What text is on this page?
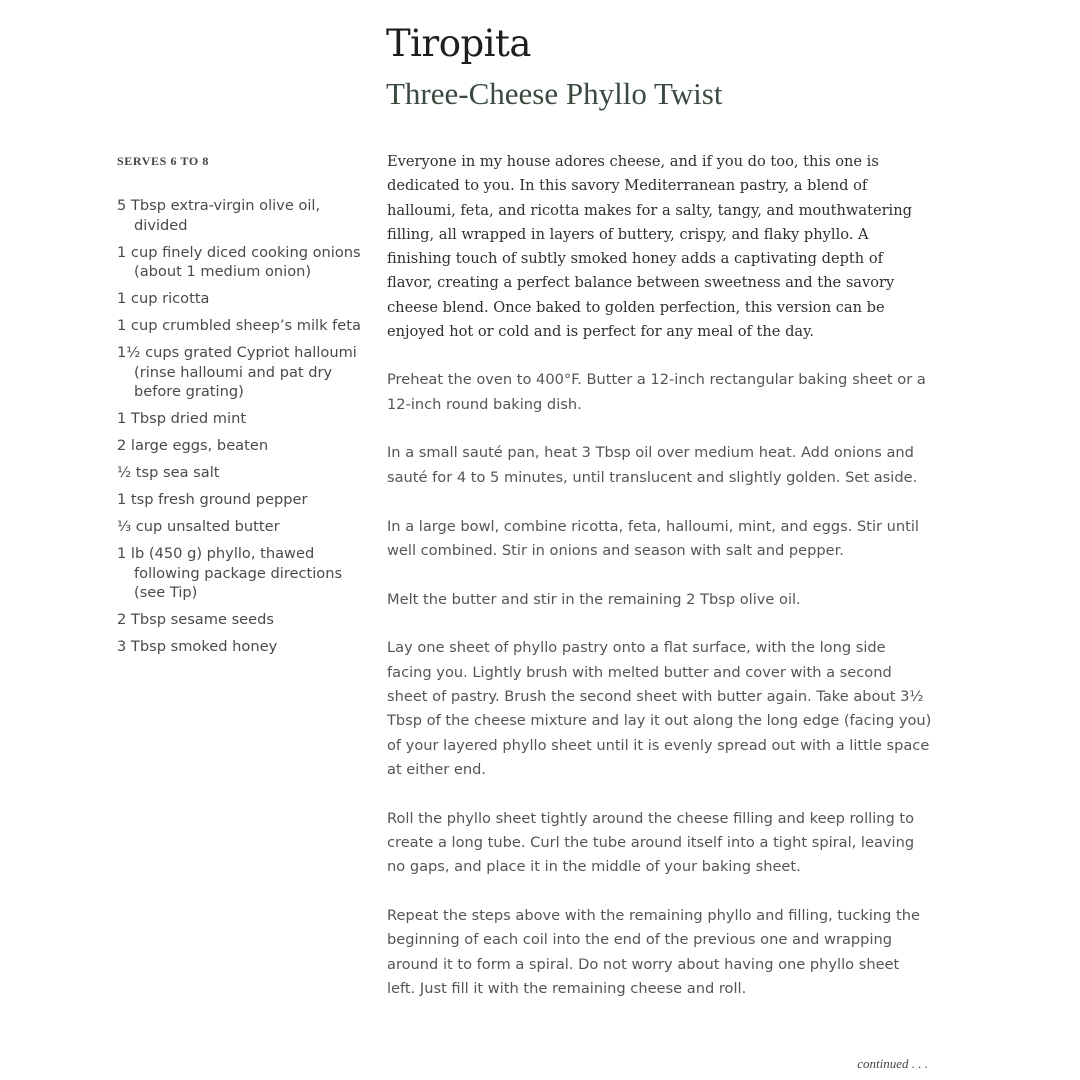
Tiropita
Three-Cheese Phyllo Twist

SERVES 6 TO 8

5 Tbsp extra-virgin olive oil, divided
1 cup finely diced cooking onions (about 1 medium onion)
1 cup ricotta
1 cup crumbled sheep’s milk feta
1½ cups grated Cypriot halloumi (rinse halloumi and pat dry before grating)
1 Tbsp dried mint
2 large eggs, beaten
½ tsp sea salt
1 tsp fresh ground pepper
⅓ cup unsalted butter
1 lb (450 g) phyllo, thawed following package directions (see Tip)
2 Tbsp sesame seeds
3 Tbsp smoked honey

Everyone in my house adores cheese, and if you do too, this one is dedicated to you. In this savory Mediterranean pastry, a blend of halloumi, feta, and ricotta makes for a salty, tangy, and mouthwatering filling, all wrapped in layers of buttery, crispy, and flaky phyllo. A finishing touch of subtly smoked honey adds a captivating depth of flavor, creating a perfect balance between sweetness and the savory cheese blend. Once baked to golden perfection, this version can be enjoyed hot or cold and is perfect for any meal of the day.

Preheat the oven to 400°F. Butter a 12-inch rectangular baking sheet or a 12-inch round baking dish.

In a small sauté pan, heat 3 Tbsp oil over medium heat. Add onions and sauté for 4 to 5 minutes, until translucent and slightly golden. Set aside.

In a large bowl, combine ricotta, feta, halloumi, mint, and eggs. Stir until well combined. Stir in onions and season with salt and pepper.

Melt the butter and stir in the remaining 2 Tbsp olive oil.

Lay one sheet of phyllo pastry onto a flat surface, with the long side facing you. Lightly brush with melted butter and cover with a second sheet of pastry. Brush the second sheet with butter again. Take about 3½ Tbsp of the cheese mixture and lay it out along the long edge (facing you) of your layered phyllo sheet until it is evenly spread out with a little space at either end.

Roll the phyllo sheet tightly around the cheese filling and keep rolling to create a long tube. Curl the tube around itself into a tight spiral, leaving no gaps, and place it in the middle of your baking sheet.

Repeat the steps above with the remaining phyllo and filling, tucking the beginning of each coil into the end of the previous one and wrapping around it to form a spiral. Do not worry about having one phyllo sheet left. Just fill it with the remaining cheese and roll.

continued . . .
